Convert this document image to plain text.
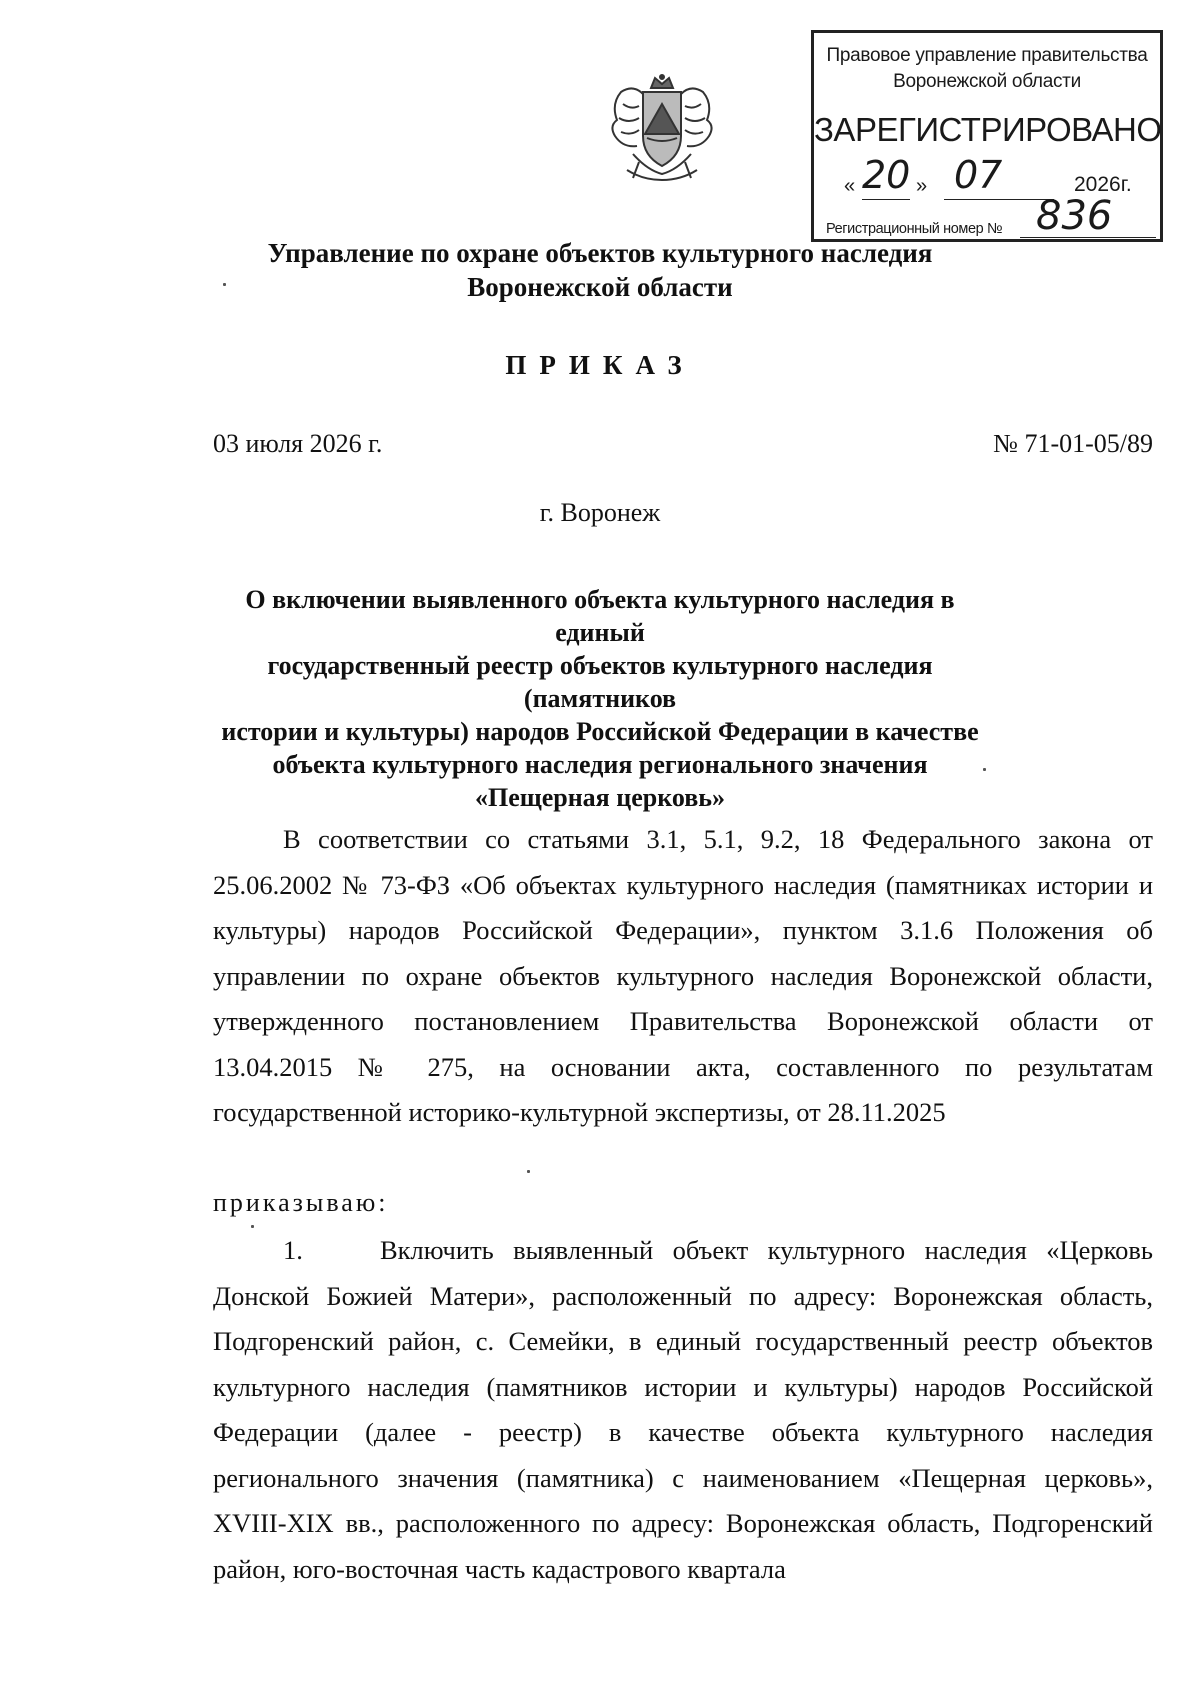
Правовое управление правительства
Воронежской области
ЗАРЕГИСТРИРОВАНО
« 20 » 07	2026г.
Регистрационный номер № 836
Управление по охране объектов культурного наследия
Воронежской области
ПРИКАЗ
03 июля 2026 г.	№ 71-01-05/89
г. Воронеж
О включении выявленного объекта культурного наследия в единый
государственный реестр объектов культурного наследия (памятников
истории и культуры) народов Российской Федерации в качестве
объекта культурного наследия регионального значения
«Пещерная церковь»
В соответствии со статьями 3.1, 5.1, 9.2, 18 Федерального закона от 25.06.2002 № 73-ФЗ «Об объектах культурного наследия (памятниках истории и культуры) народов Российской Федерации», пунктом 3.1.6 Положения об управлении по охране объектов культурного наследия Воронежской области, утвержденного постановлением Правительства Воронежской области от 13.04.2015 № 275, на основании акта, составленного по результатам государственной историко-культурной экспертизы, от 28.11.2025
приказываю:
1.	Включить выявленный объект культурного наследия «Церковь Донской Божией Матери», расположенный по адресу: Воронежская область, Подгоренский район, с. Семейки, в единый государственный реестр объектов культурного наследия (памятников истории и культуры) народов Российской Федерации (далее - реестр) в качестве объекта культурного наследия регионального значения (памятника) с наименованием «Пещерная церковь», XVIII-XIX вв., расположенного по адресу: Воронежская область, Подгоренский район, юго-восточная часть кадастрового квартала
